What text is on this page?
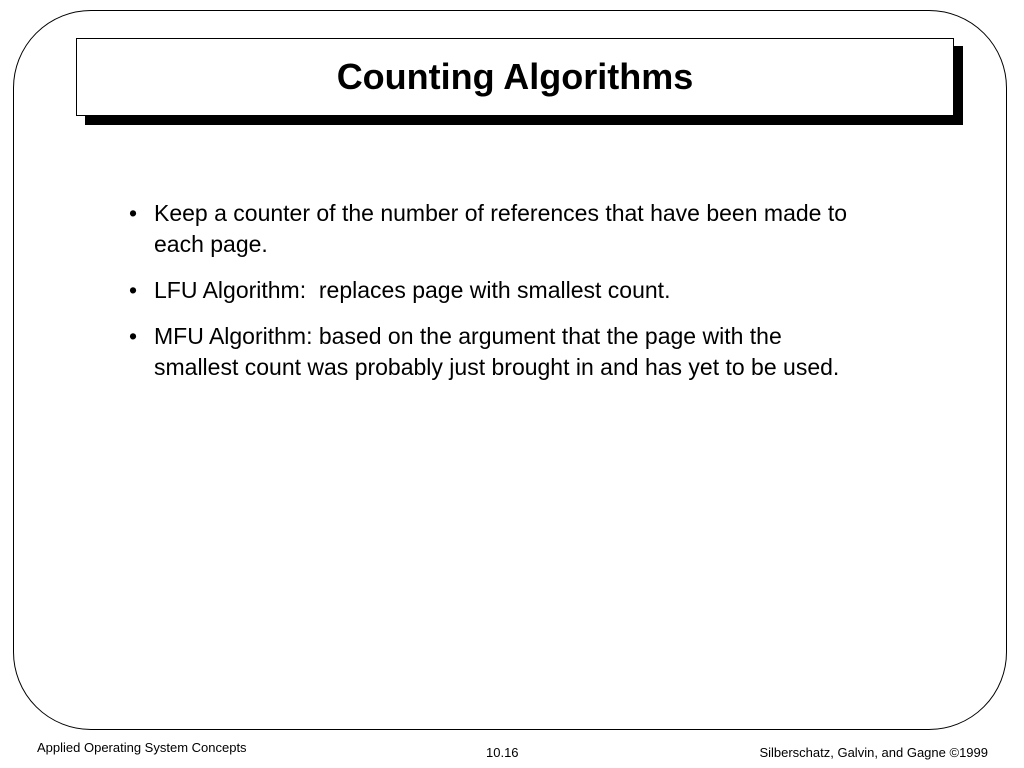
Counting Algorithms
• Keep a counter of the number of references that have been made to each page.
• LFU Algorithm:  replaces page with smallest count.
• MFU Algorithm: based on the argument that the page with the smallest count was probably just brought in and has yet to be used.
Applied Operating System Concepts	10.16	Silberschatz, Galvin, and Gagne ©1999
